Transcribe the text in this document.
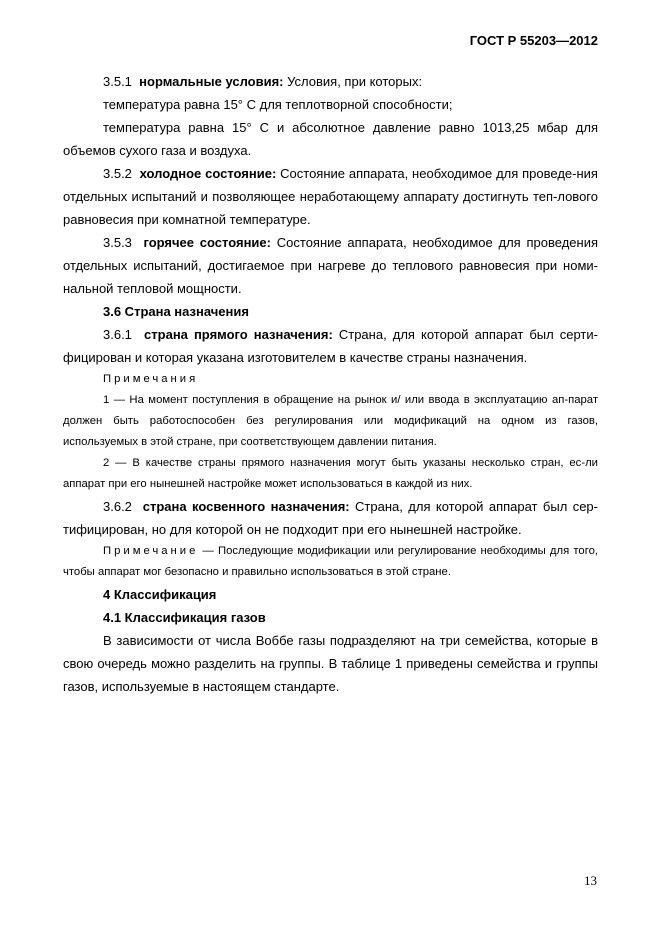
ГОСТ Р 55203—2012

3.5.1 нормальные условия: Условия, при которых:

температура равна 15° С для теплотворной способности;

температура равна 15° С и абсолютное давление равно 1013,25 мбар для объемов сухого газа и воздуха.

3.5.2 холодное состояние: Состояние аппарата, необходимое для проведе-ния отдельных испытаний и позволяющее неработающему аппарату достигнуть теп-лового равновесия при комнатной температуре.

3.5.3 горячее состояние: Состояние аппарата, необходимое для проведения отдельных испытаний, достигаемое при нагреве до теплового равновесия при номи-нальной тепловой мощности.

3.6 Страна назначения

3.6.1 страна прямого назначения: Страна, для которой аппарат был серти-фицирован и которая указана изготовителем в качестве страны назначения.

Примечания

1 — На момент поступления в обращение на рынок и/ или ввода в эксплуатацию ап-парат должен быть работоспособен без регулирования или модификаций на одном из газов, используемых в этой стране, при соответствующем давлении питания.

2 — В качестве страны прямого назначения могут быть указаны несколько стран, ес-ли аппарат при его нынешней настройке может использоваться в каждой из них.

3.6.2 страна косвенного назначения: Страна, для которой аппарат был сер-тифицирован, но для которой он не подходит при его нынешней настройке.

Примечание — Последующие модификации или регулирование необходимы для того, чтобы аппарат мог безопасно и правильно использоваться в этой стране.

4 Классификация

4.1 Классификация газов

В зависимости от числа Воббе газы подразделяют на три семейства, которые в свою очередь можно разделить на группы. В таблице 1 приведены семейства и группы газов, используемые в настоящем стандарте.

13
